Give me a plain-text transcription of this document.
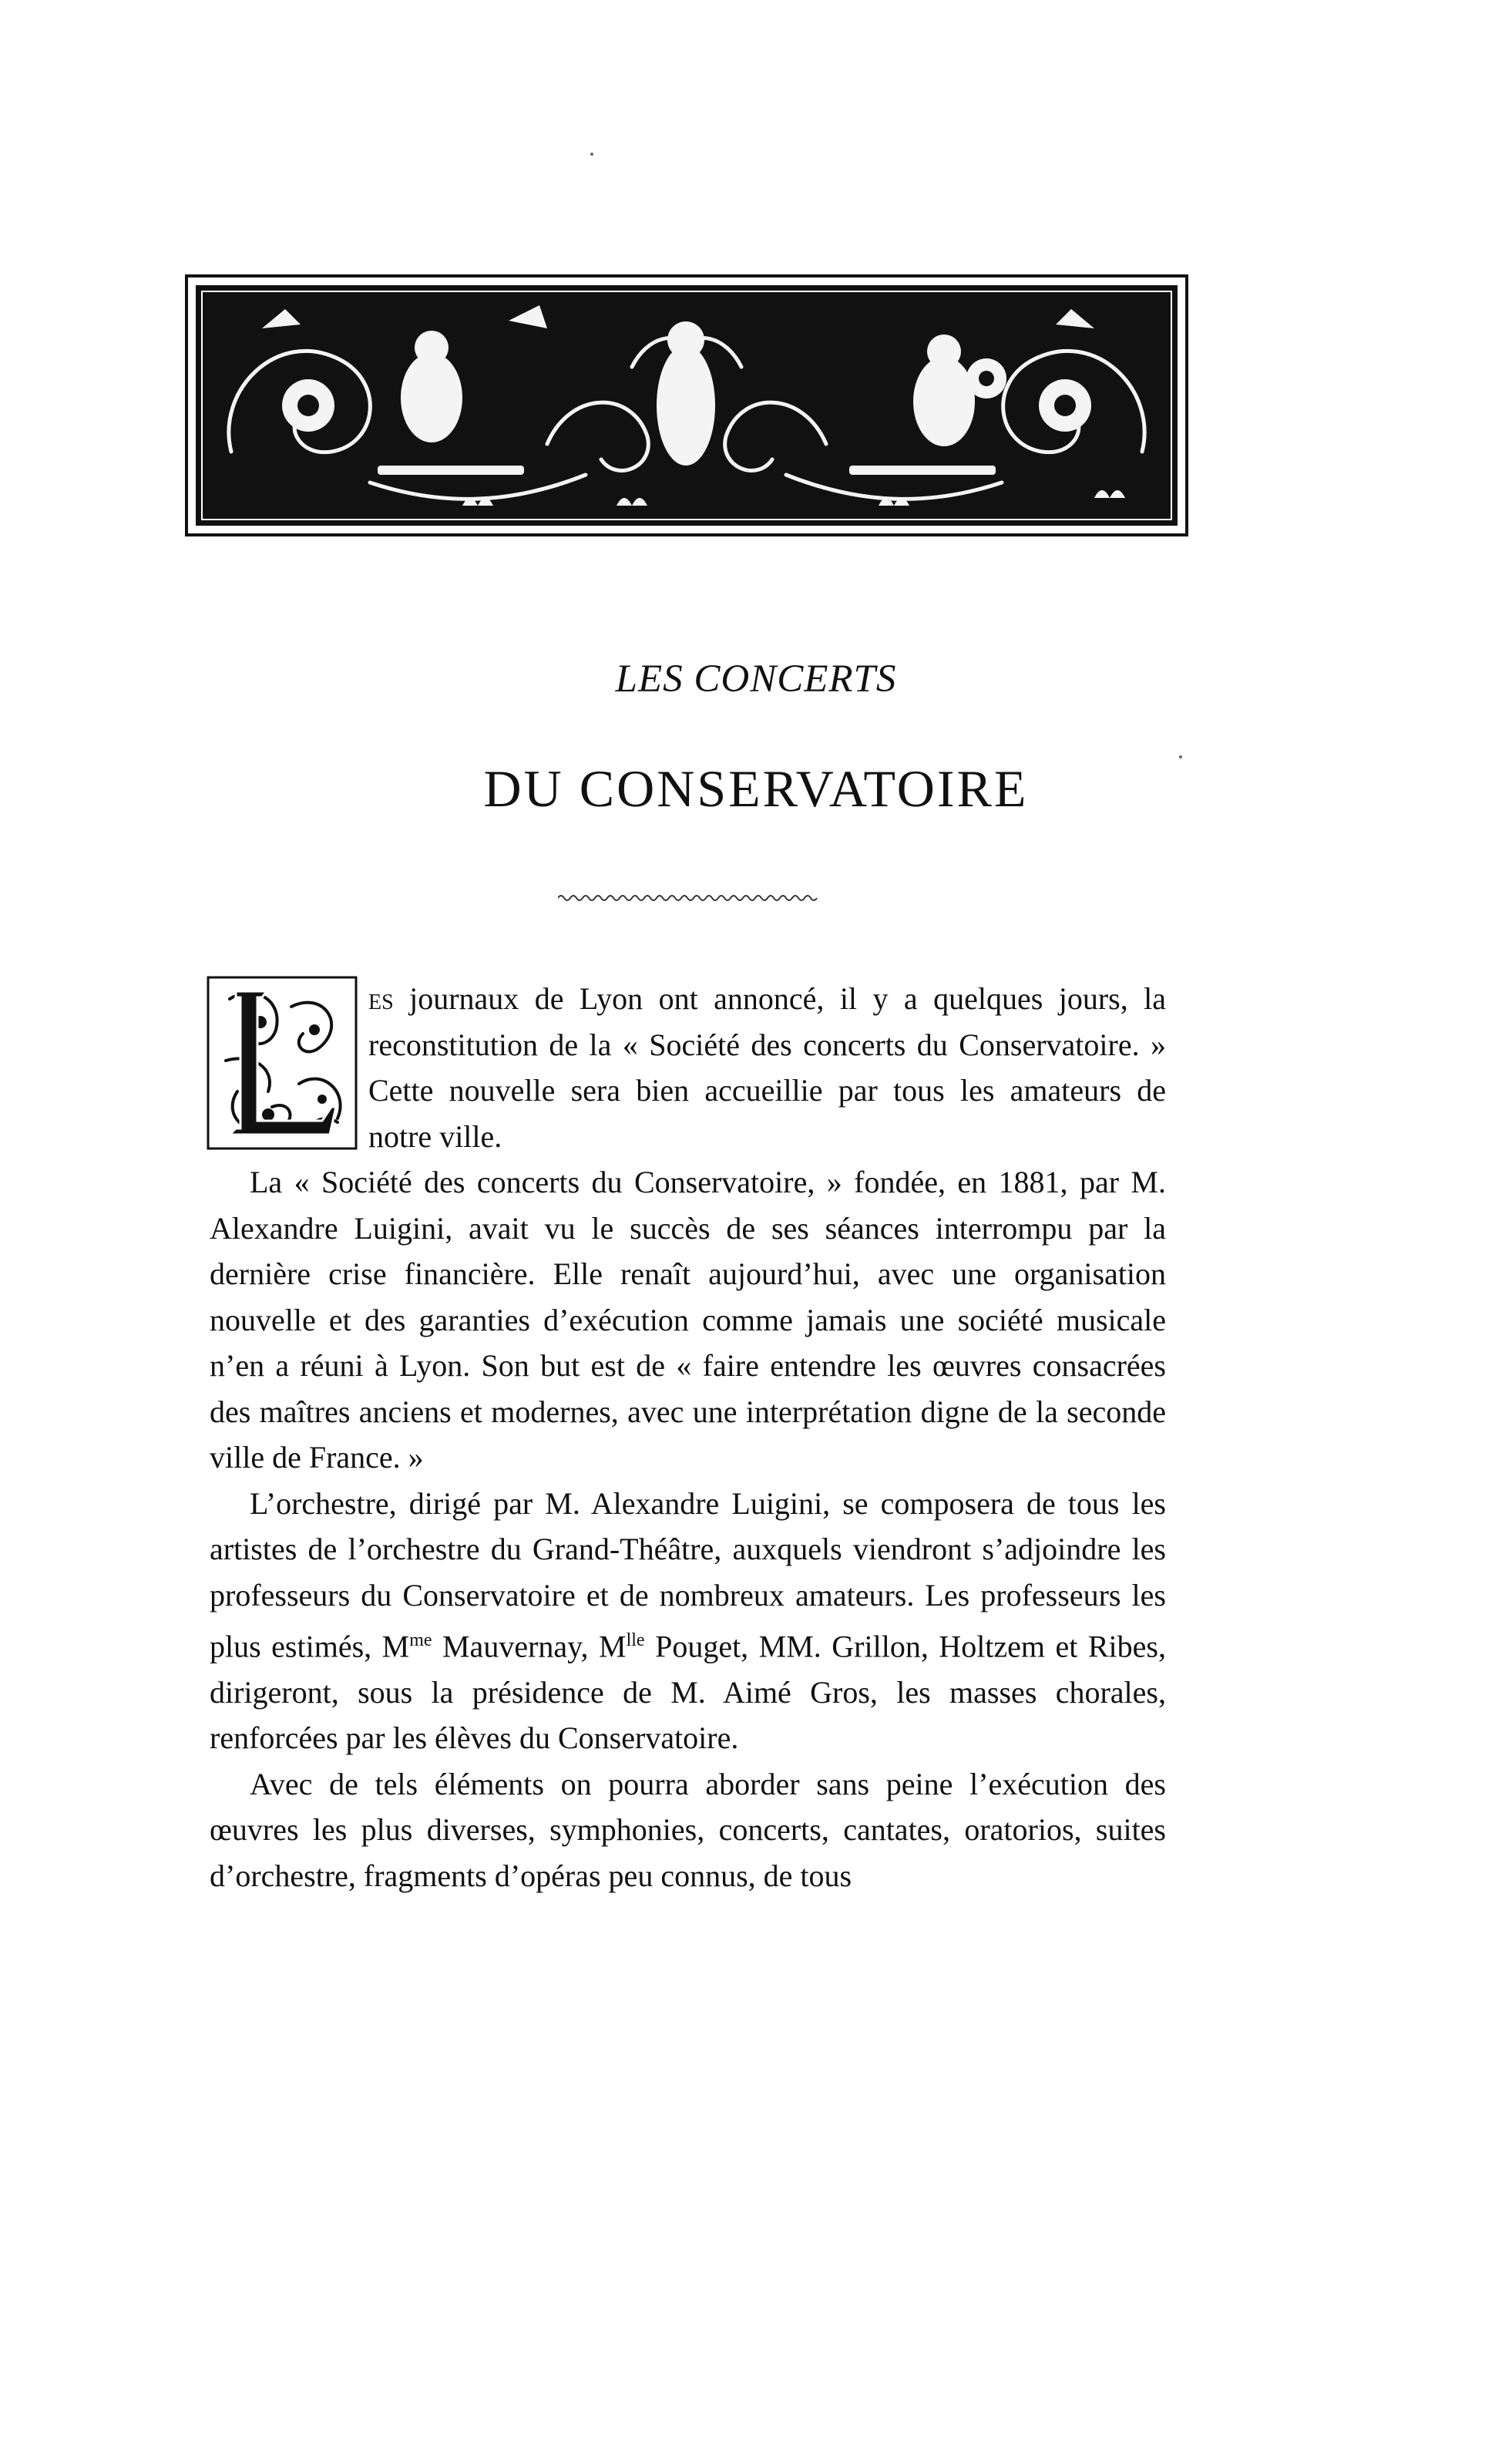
LES CONCERTS
DU CONSERVATOIRE

L
es journaux de Lyon ont annoncé, il y a quelques jours, la reconstitution de la « Société des concerts du Conservatoire. » Cette nouvelle sera bien accueillie par tous les amateurs de notre ville.

La « Société des concerts du Conservatoire, » fondée, en 1881, par M. Alexandre Luigini, avait vu le succès de ses séances interrompu par la dernière crise financière. Elle renaît aujourd’hui, avec une organisation nouvelle et des garanties d’exécution comme jamais une société musicale n’en a réuni à Lyon. Son but est de « faire entendre les œuvres consacrées des maîtres anciens et modernes, avec une interprétation digne de la seconde ville de France. »

L’orchestre, dirigé par M. Alexandre Luigini, se composera de tous les artistes de l’orchestre du Grand-Théâtre, auxquels viendront s’adjoindre les professeurs du Conservatoire et de nombreux amateurs. Les professeurs les plus estimés, $M^{me}$ Mauvernay, $M^{lle}$ Pouget, MM. Grillon, Holtzem et Ribes, dirigeront, sous la présidence de M. Aimé Gros, les masses chorales, renforcées par les élèves du Conservatoire.

Avec de tels éléments on pourra aborder sans peine l’exécution des œuvres les plus diverses, symphonies, concerts, cantates, oratorios, suites d’orchestre, fragments d’opéras peu connus, de tous
